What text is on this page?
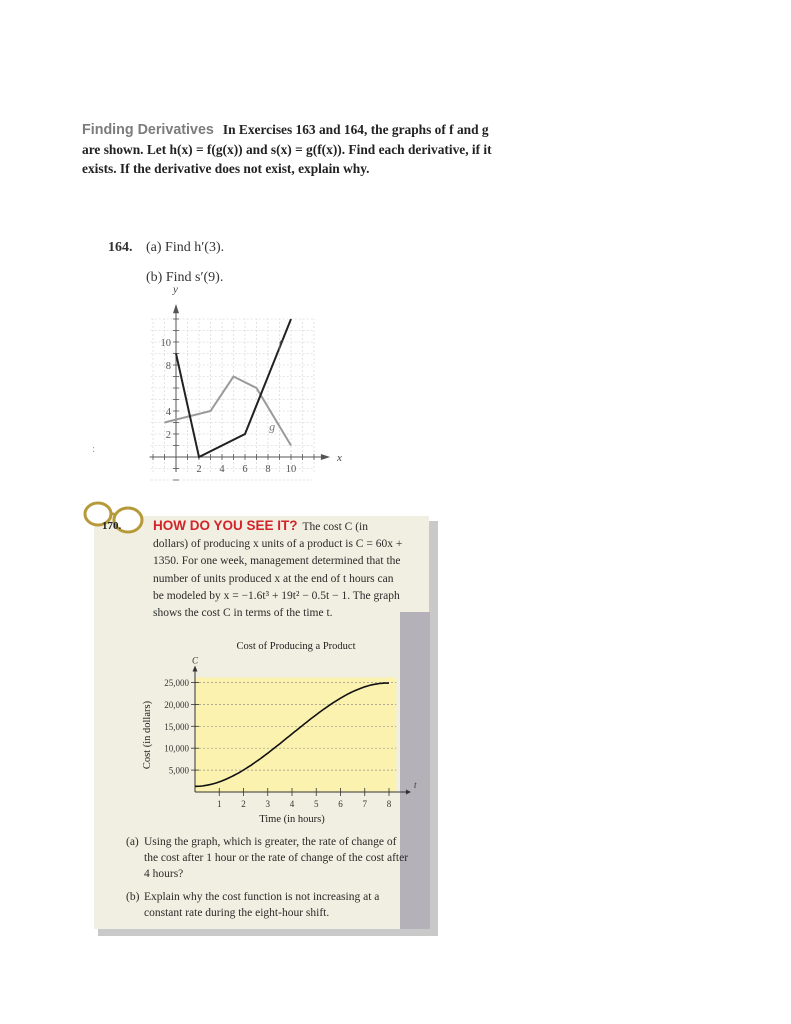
Finding Derivatives In Exercises 163 and 164, the graphs of f and g are shown. Let h(x) = f(g(x)) and s(x) = g(f(x)). Find each derivative, if it exists. If the derivative does not exist, explain why.
164. (a) Find h′(3).
(b) Find s′(9).
x
y
2 4 6 8 10
2
4
8
10	f
g
:
170. HOW DO YOU SEE IT? The cost C (in dollars) of producing x units of a product is C = 60x + 1350. For one week, management determined that the number of units produced x at the end of t hours can be modeled by x = −1.6t³ + 19t² − 0.5t − 1. The graph shows the cost C in terms of the time t.
Cost of Producing a Product
5,000
10,000
15,000
20,000
25,000
C
t
1 2 3 4 5 6 7 8
Time (in hours)
Cost (in dollars)
(a) Using the graph, which is greater, the rate of change of the cost after 1 hour or the rate of change of the cost after 4 hours?
(b) Explain why the cost function is not increasing at a constant rate during the eight-hour shift.
